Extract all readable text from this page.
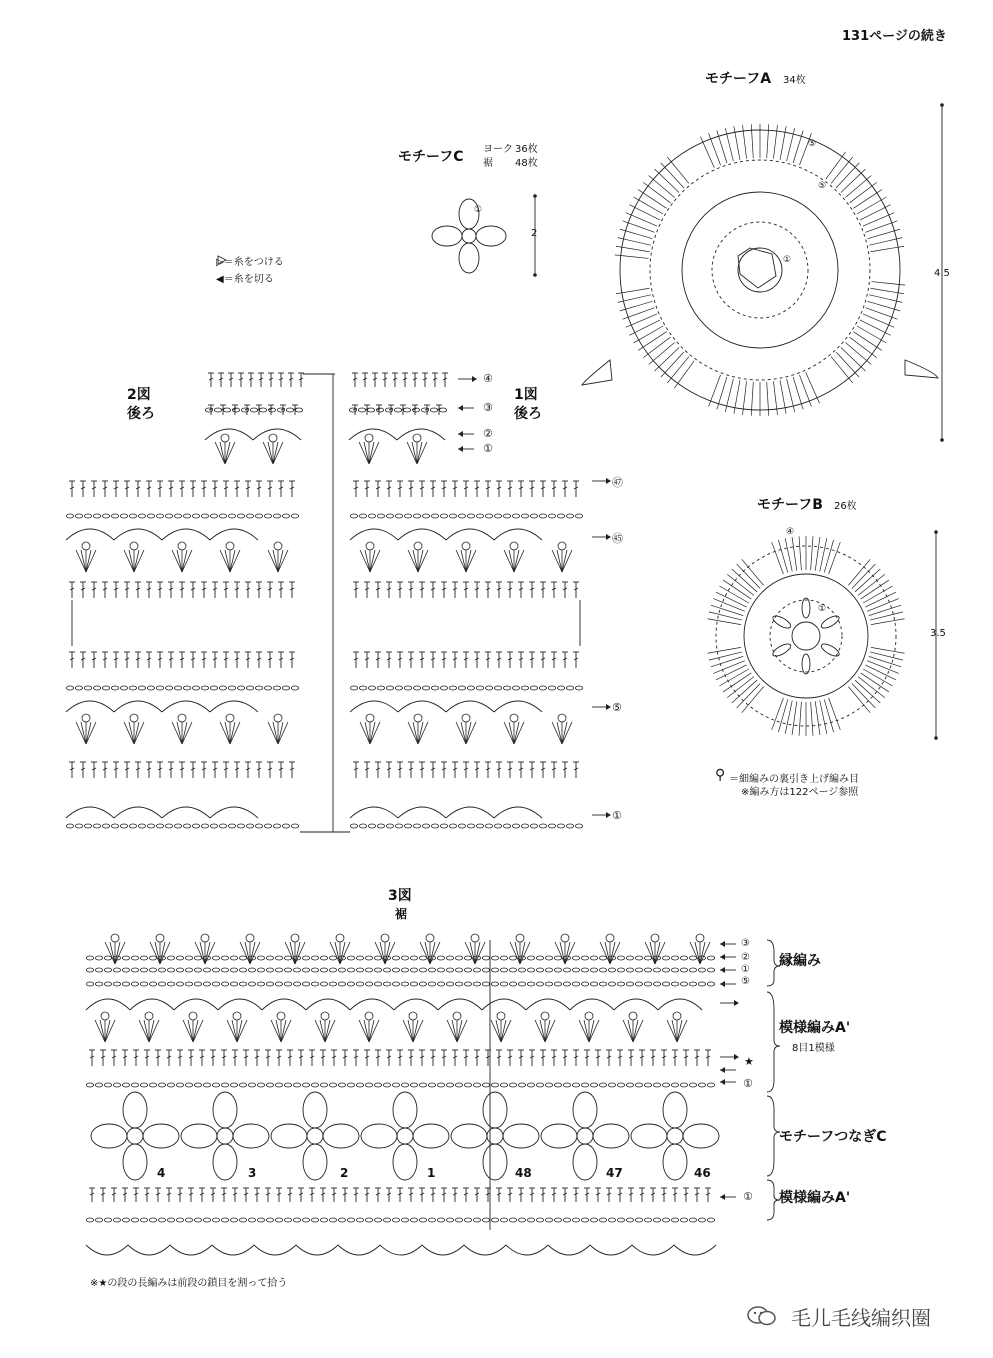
131ページの続き
▷＝糸をつける
◀＝糸を切る
モチーフC ヨーク 36枚
裾 48枚
2
①
モチーフA 34枚
4.5
①
⑤
⑤
モチーフB 26枚
3.5
④
①
⚲ ＝細編みの裏引き上げ編み目
※編み方は122ページ参照
2図
後ろ
1図
後ろ
④
③
②
①
㊼
㊺
⑤
①
3図
裾
③
②
①
⑤
★
①
①
4	3	2	1	48	47	46
縁編み
模様編みA'
8目1模様
モチーフつなぎC
模様編みA'
※★の段の長編みは前段の鎖目を割って拾う
毛儿毛线编织圈
